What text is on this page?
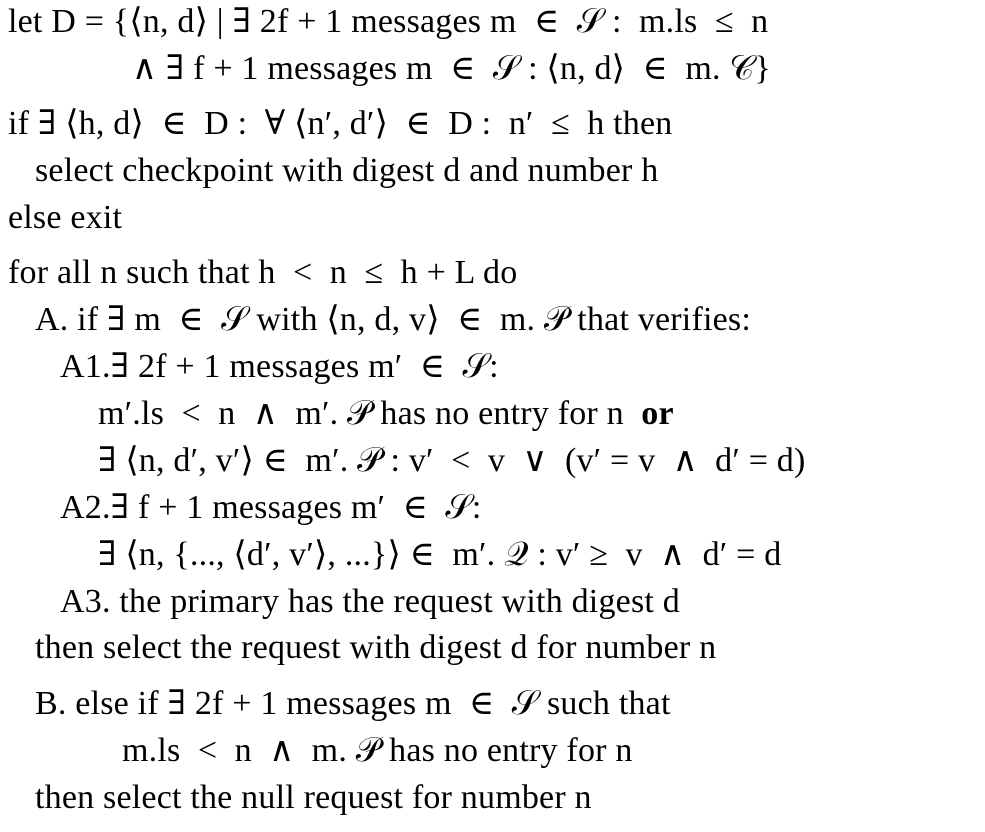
let D = {⟨n, d⟩ | ∃ 2f + 1 messages m  ∈  𝒮 :  m.ls  ≤  n
∧ ∃ f + 1 messages m  ∈  𝒮 : ⟨n, d⟩  ∈  m. 𝒞}
if ∃ ⟨h, d⟩  ∈  D :  ∀ ⟨n′, d′⟩  ∈  D :  n′  ≤  h then
select checkpoint with digest d and number h
else exit
for all n such that h  <  n  ≤  h + L do
A. if ∃ m  ∈  𝒮 with ⟨n, d, v⟩  ∈  m. 𝒫 that verifies:
A1.∃ 2f + 1 messages m′  ∈  𝒮:
m′.ls  <  n  ∧  m′. 𝒫 has no entry for n  or
∃ ⟨n, d′, v′⟩ ∈  m′. 𝒫 : v′  <  v  ∨  (v′ = v  ∧  d′ = d)
A2.∃ f + 1 messages m′  ∈  𝒮:
∃ ⟨n, {..., ⟨d′, v′⟩, ...}⟩ ∈  m′. 𝒬 : v′ ≥  v  ∧  d′ = d
A3. the primary has the request with digest d
then select the request with digest d for number n
B. else if ∃ 2f + 1 messages m  ∈  𝒮 such that
m.ls  <  n  ∧  m. 𝒫 has no entry for n
then select the null request for number n
